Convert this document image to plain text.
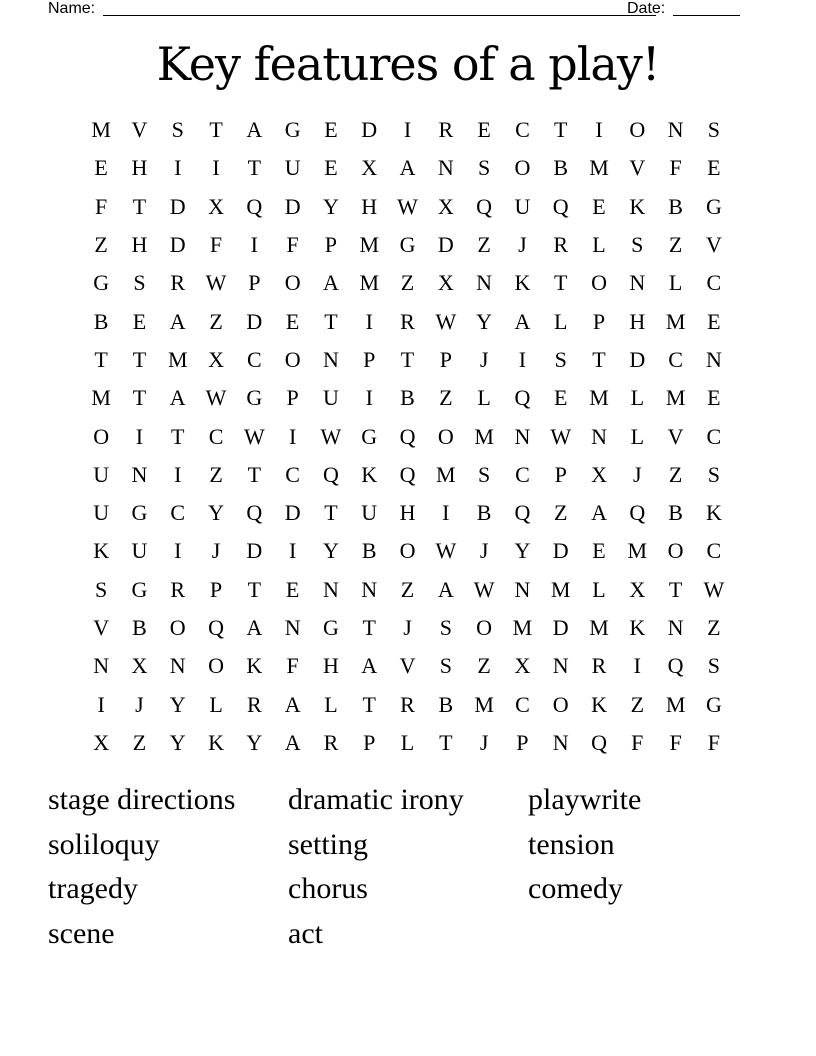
Name:	Date:
Key features of a play!
M V	S	T	A	G	E	D	I	R	E	C	T	I	O	N	S
E	H	I	I	T	U	E	X	A	N	S	O	B M V	F	E
F	T	D	X	Q	D	Y	H W X	Q	U	Q	E	K	B	G
Z	H	D	F	I	F	P	M G	D	Z	J	R	L	S	Z	V
G	S	R W P	O	A M Z	X	N	K	T	O	N	L	C
B	E	A	Z	D	E	T	I	R W Y	A	L	P	H M E
T	T M X	C	O	N	P	T	P	J	I	S	T	D	C	N
M T	A W G	P	U	I	B	Z	L	Q	E M L M E
O	I	T	C W	I	W G	Q	O M N W N	L	V	C
U	N	I	Z	T	C	Q	K	Q M	S	C	P	X	J	Z	S
U	G	C	Y	Q	D	T	U	H	I	B	Q	Z	A	Q	B	K
K	U	I	J	D	I	Y	B	O W	J	Y	D	E M O	C
S	G	R	P	T	E	N	N	Z	A W N M L	X	T W
V	B	O	Q	A	N	G	T	J	S	O M D M K	N	Z
N	X	N	O	K	F	H	A	V	S	Z	X	N	R	I	Q	S
I	J	Y	L	R	A	L	T	R	B M C	O	K	Z M G
X	Z	Y	K	Y	A	R	P	L	T	J	P	N	Q	F	F	F
stage directions	dramatic irony	playwrite
soliloquy	setting	tension
tragedy	chorus	comedy
scene	act
